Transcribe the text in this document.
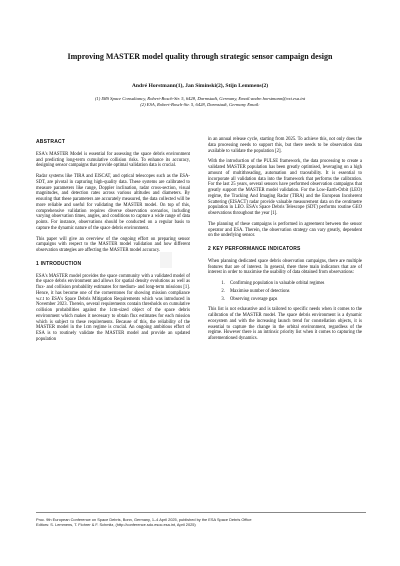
Improving MASTER model quality through strategic sensor campaign design
André Horstmann(1), Jan Siminski(2), Stijn Lemmens(2)
(1) IMS Space Consultancy, Robert-Bosch-Str. 5, 6428, Darmstadt, Germany, Email:andre.horstmann@ext.esa.int
(2) ESA, Robert-Bosch-Str. 5, 6428, Darmstadt, Germany Email:
ABSTRACT

ESA's MASTER Model is essential for assessing the space debris environment and predicting long-term cumulative collision risks. To enhance its accuracy, designing sensor campaigns that provide optimal validation data is crucial.

Radar systems like TIRA and EISCAT, and optical telescopes such as the ESA-SDT, are pivotal in capturing high-quality data. These systems are calibrated to measure parameters like range, Doppler inclination, radar cross-section, visual magnitudes, and detection rates across various altitudes and diameters. By ensuring that these parameters are accurately measured, the data collected will be more reliable and useful for validating the MASTER model. On top of this, comprehensive validation requires diverse observation scenarios, including varying observation times, angles, and conditions to capture a wide range of data points. For instance, observations should be conducted on a regular basis to capture the dynamic nature of the space debris environment.

This paper will give an overview of the ongoing effort on preparing sensor campaigns with respect to the MASTER model validation and how different observation strategies are affecting the MASTER model accuracy.

1 INTRODUCTION

ESA's MASTER model provides the space community with a validated model of the space debris environment and allows for spatial density evolutions as well as flux- and collision probability estimates for medium- and long-term missions [1]. Hence, it has become one of the cornerstones for showing mission compliance w.r.t to ESA's Space Debris Mitigation Requirements which was introduced in November 2023. Therein, several requirements contain thresholds on cumulative collision probabilities against the 1cm-sized object of the space debris environment which makes it necessary to obtain flux estimates for each mission which is subject to these requirements. Because of this, the reliability of the MASTER model in the 1cm regime is crucial. An ongoing ambitious effort of ESA is to routinely validate the MASTER model and provide an updated population

in an annual release cycle, starting from 2025. To achieve this, not only does the data processing needs to support this, but there needs to be observation data available to validate the population [2].

With the introduction of the PULSE framework, the data processing to create a validated MASTER population has been greatly optimised, leveraging on a high amount of multithreading, automation and traceability. It is essential to incorporate all validation data into the framework that performs the calibration. For the last 25 years, several sensors have performed observation campaigns that greatly support the MASTER model validation. For the Low-Earth-Orbit (LEO) regime, the Tracking And Imaging Radar (TIRA) and the European Incoherent Scattering (EISACT) radar provide valuable measurement data on the centimetre population in LEO. ESA's Space Debris Telescope (SDT) performs routine GEO observations throughout the year [1].

The planning of these campaigns is performed in agreement between the sensor operator and ESA. Therein, the observation strategy can vary greatly, dependent on the underlying sensor.

2 KEY PERFORMANCE INDICATORS

When planning dedicated space debris observation campaigns, there are multiple features that are of interest. In general, there three main indicators that are of interest in order to maximise the usability of data obtained from observations:

1. Confirming population in valuable orbital regimes
2. Maximise number of detections
3. Observing coverage gaps

This list is not exhaustive and is tailored to specific needs when it comes to the calibration of the MASTER model. The space debris environment is a dynamic ecosystem and with the increasing launch trend for constellation objects, it is essential to capture the change in the orbital environment, regardless of the regime. However there is an intrinsic priority list when it comes to capturing the aforementioned dynamics.

Proc. 9th European Conference on Space Debris, Bonn, Germany, 1–4 April 2025, published by the ESA Space Debris Office
Editors: S. Lemmens, T. Flohrer & F. Schmitz, (http://conference.sdo.esoc.esa.int, April 2025)
